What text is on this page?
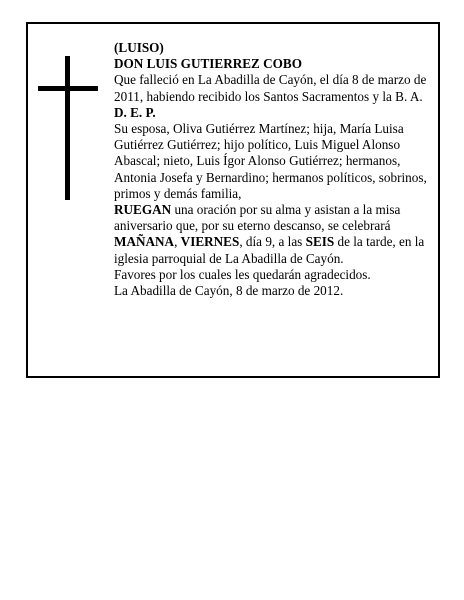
(LUISO)

DON LUIS GUTIERREZ COBO

Que falleció en La Abadilla de Cayón, el día 8 de marzo de 2011, habiendo recibido los Santos Sacramentos y la B. A.

D. E. P.

Su esposa, Oliva Gutiérrez Martínez; hija, María Luisa Gutiérrez Gutiérrez; hijo político, Luis Miguel Alonso Abascal; nieto, Luis Ígor Alonso Gutiérrez; hermanos, Antonia Josefa y Bernardino; hermanos políticos, sobrinos, primos y demás familia,

RUEGAN una oración por su alma y asistan a la misa aniversario que, por su eterno descanso, se celebrará MAÑANA, VIERNES, día 9, a las SEIS de la tarde, en la iglesia parroquial de La Abadilla de Cayón.

Favores por los cuales les quedarán agradecidos.

La Abadilla de Cayón, 8 de marzo de 2012.
